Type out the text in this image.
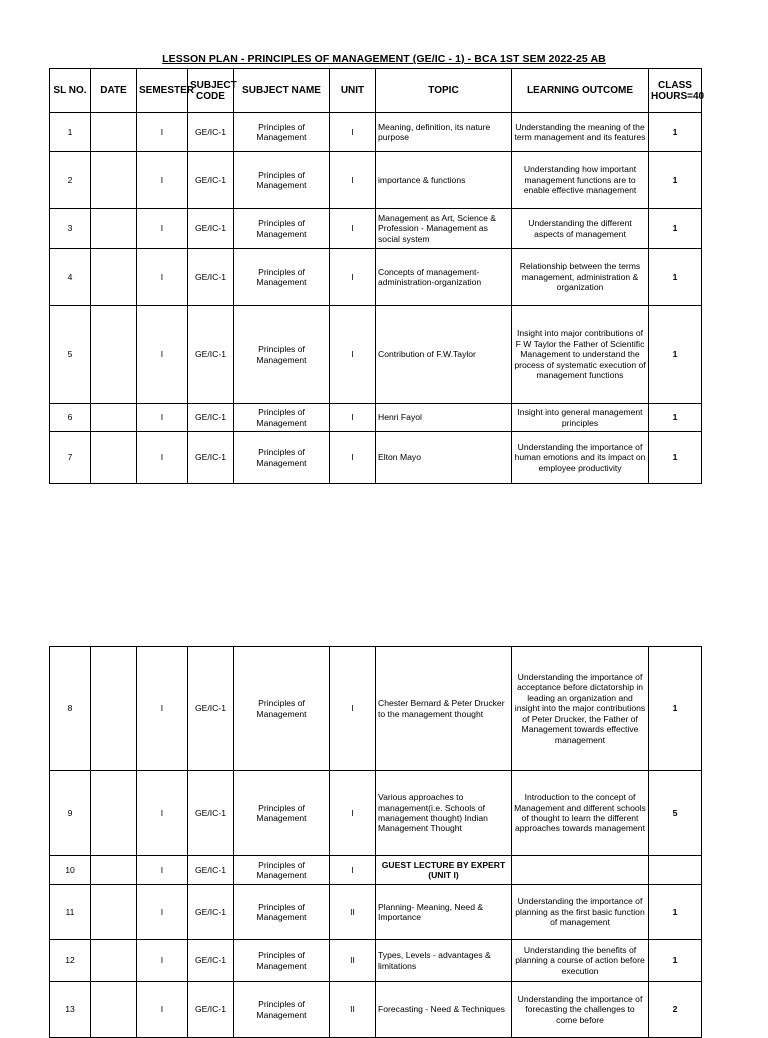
LESSON PLAN - PRINCIPLES OF MANAGEMENT (GE/IC - 1) - BCA 1ST SEM 2022-25 AB
SL NO.	DATE	SEMESTER	SUBJECT CODE	SUBJECT NAME	UNIT	TOPIC	LEARNING OUTCOME	CLASS HOURS=40
1		I	GE/IC-1	Principles of Management	I	Meaning, definition, its nature purpose	Understanding the meaning of the term management and its features	1
2		I	GE/IC-1	Principles of Management	I	importance & functions	Understanding how important management functions are to enable effective management	1
3		I	GE/IC-1	Principles of Management	I	Management as Art, Science & Profession - Management as social system	Understanding the different aspects of management	1
4		I	GE/IC-1	Principles of Management	I	Concepts of management-administration-organization	Relationship between the terms management, administration & organization	1
5		I	GE/IC-1	Principles of Management	I	Contribution of F.W.Taylor	Insight into major contributions of F W Taylor the Father of Scientific Management to understand the process of systematic execution of management functions	1
6		I	GE/IC-1	Principles of Management	I	Henri Fayol	Insight into general management principles	1
7		I	GE/IC-1	Principles of Management	I	Elton Mayo	Understanding the importance of human emotions and its impact on employee productivity	1
8		I	GE/IC-1	Principles of Management	I	Chester Bernard & Peter Drucker to the management thought	Understanding the importance of acceptance before dictatorship in leading an organization and insight into the major contributions of Peter Drucker, the Father of Management towards effective management	1
9		I	GE/IC-1	Principles of Management	I	Various approaches to management(i.e. Schools of management thought) Indian Management Thought	Introduction to the concept of Management and different schools of thought to learn the different approaches towards management	5
10		I	GE/IC-1	Principles of Management	I	GUEST LECTURE BY EXPERT (UNIT I)		
11		I	GE/IC-1	Principles of Management	II	Planning- Meaning, Need & Importance	Understanding the importance of planning as the first basic function of management	1
12		I	GE/IC-1	Principles of Management	II	Types, Levels - advantages & limitations	Understanding the benefits of planning a course of action before execution	1
13		I	GE/IC-1	Principles of Management	II	Forecasting - Need & Techniques	Understanding the importance of forecasting the challenges to come before	2
